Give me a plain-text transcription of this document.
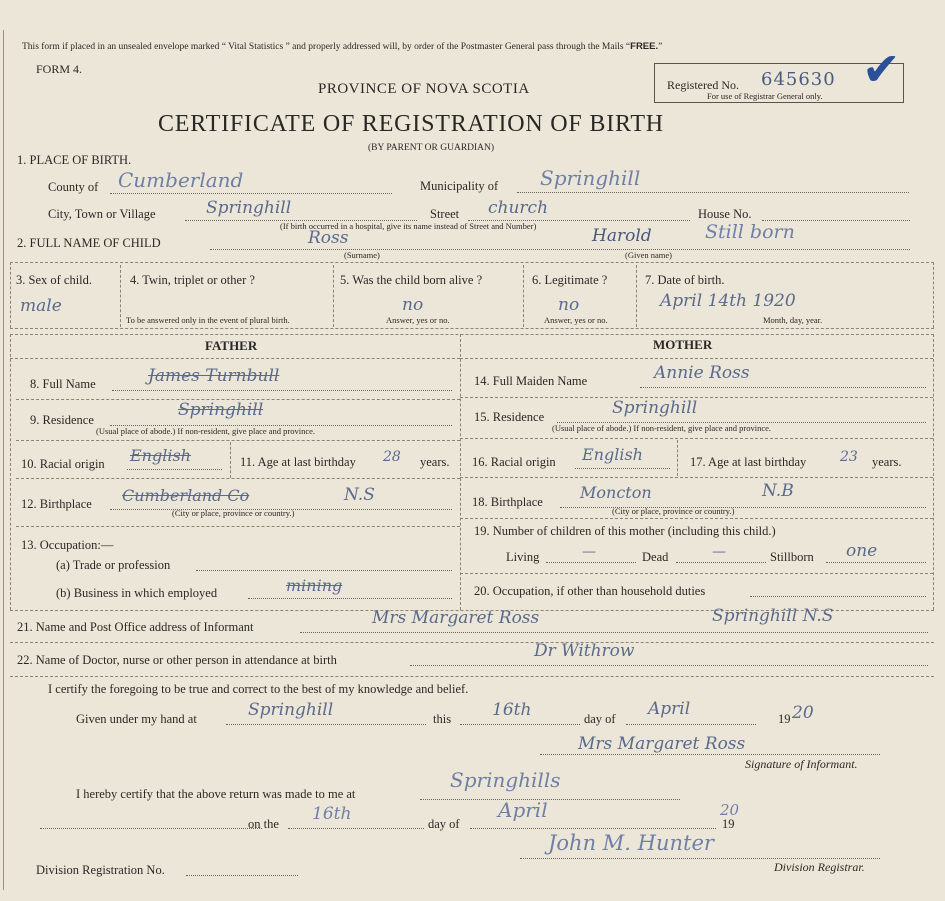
This form if placed in an unsealed envelope marked “ Vital Statistics ” and properly addressed will, by order of the Postmaster General pass through the Mails “FREE.”
FORM 4.
PROVINCE OF NOVA SCOTIA
CERTIFICATE OF REGISTRATION OF BIRTH
(BY PARENT OR GUARDIAN)
Registered No. 645630
For use of Registrar General only.
✔
1. PLACE OF BIRTH.
County of Cumberland	Municipality of Springhill
City, Town or Village	Springhill	Street church	House No.
(If birth occurred in a hospital, give its name instead of Street and Number)
2. FULL NAME OF CHILD	Ross	Harold	Still born
(Surname)	(Given name)
3. Sex of child.
male
4. Twin, triplet or other ?
To be answered only in the event of plural birth.
5. Was the child born alive ?
no
Answer, yes or no.
6. Legitimate ?
no
Answer, yes or no.
7. Date of birth.
April 14th 1920
Month, day, year.
FATHER	MOTHER
8. Full Name	James Turnbull
9. Residence	Springhill
(Usual place of abode.) If non-resident, give place and province.
10. Racial origin English	11. Age at last birthday 28 years.
12. Birthplace Cumberland Co	N.S
(City or place, province or country.)
13. Occupation:—
(a) Trade or profession
(b) Business in which employed	mining
14. Full Maiden Name	Annie Ross
15. Residence	Springhill
(Usual place of abode.) If non-resident, give place and province.
16. Racial origin English	17. Age at last birthday 23 years.
18. Birthplace Moncton	N.B
(City or place, province or country.)
19. Number of children of this mother (including this child.)
Living	—	Dead	—	Stillborn one
20. Occupation, if other than household duties
21. Name and Post Office address of Informant	Mrs Margaret Ross	Springhill N.S
22. Name of Doctor, nurse or other person in attendance at birth	Dr Withrow
I certify the foregoing to be true and correct to the best of my knowledge and belief.
Given under my hand at	Springhill	this 16th	day of April	19 20
Mrs Margaret Ross
Signature of Informant.
I hereby certify that the above return was made to me at
Springhills
on the 16th	day of
April
19
20
John M. Hunter
Division Registrar.
Division Registration No.
